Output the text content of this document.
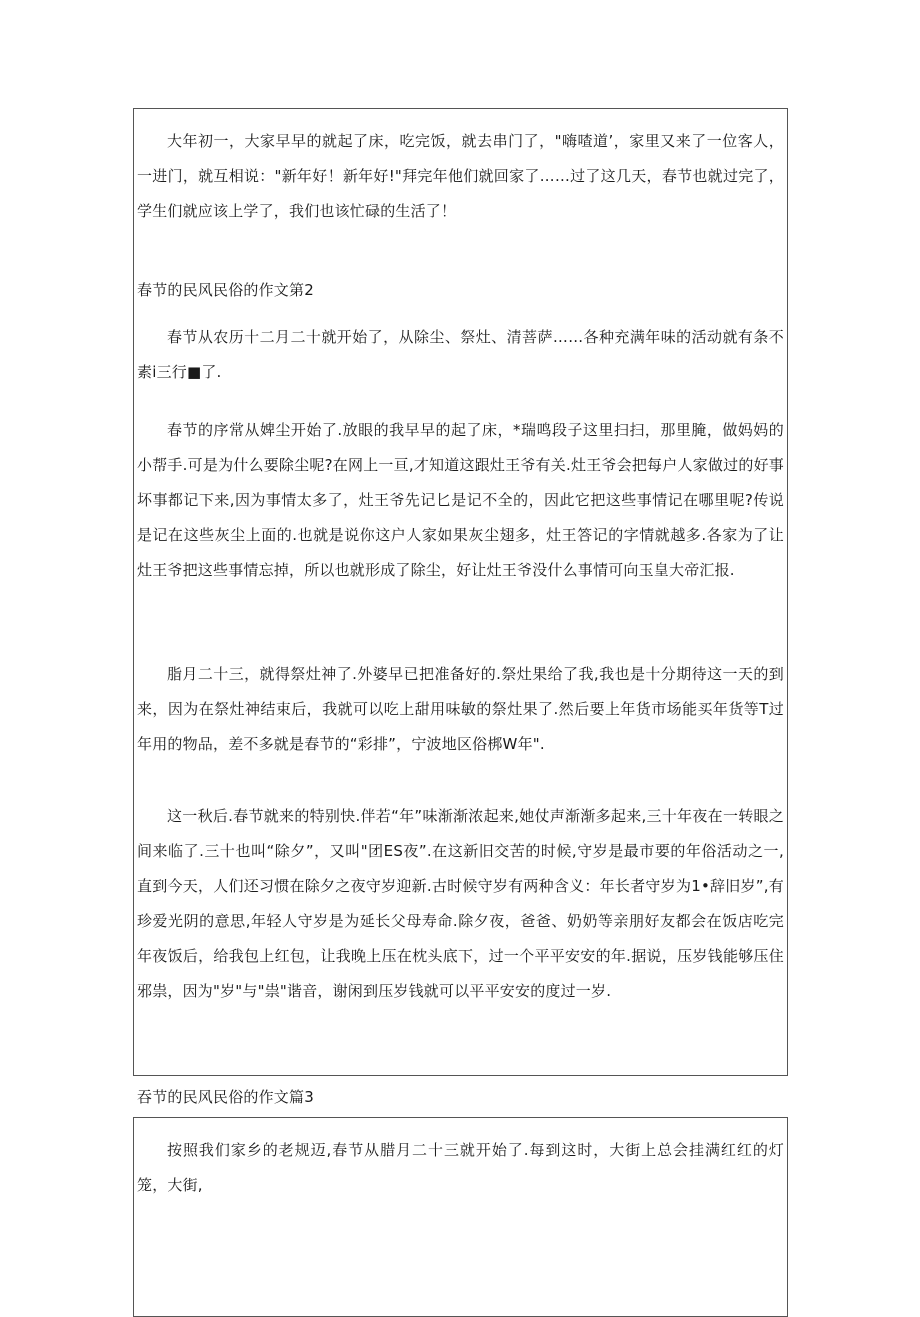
大年初一，大家早早的就起了床，吃完饭，就去串门了，"嗨喳道’，家里又来了一位客人，一进门，就互相说："新年好！新年好!"拜完年他们就回家了……过了这几天，春节也就过完了，学生们就应该上学了，我们也该忙碌的生活了！

春节的民风民俗的作文第2

春节从农历十二月二十就开始了，从除尘、祭灶、清菩萨……各种充满年味的活动就有条不素i三行■了.

春节的序常从婢尘开始了.放眼的我早早的起了床，*瑞鸣段子这里扫扫，那里腌，做妈妈的小帮手.可是为什么要除尘呢?在网上一亘,才知道这跟灶王爷有关.灶王爷会把每户人家做过的好事坏事都记下来,因为事情太多了，灶王爷先记匕是记不全的，因此它把这些事情记在哪里呢?传说是记在这些灰尘上面的.也就是说你这户人家如果灰尘翅多，灶王答记的字情就越多.各家为了让灶王爷把这些事情忘掉，所以也就形成了除尘，好让灶王爷没什么事情可向玉皇大帝汇报.

脂月二十三，就得祭灶神了.外婆早已把准备好的.祭灶果给了我,我也是十分期待这一天的到来，因为在祭灶神结束后，我就可以吃上甜用味敏的祭灶果了.然后要上年货市场能买年货等T过年用的物品，差不多就是春节的“彩排”，宁波地区俗梆W年".

这一秋后.春节就来的特别快.伴若“年”味渐渐浓起来,她仗声渐渐多起来,三十年夜在一转眼之间来临了.三十也叫“除夕”，又叫"团ES夜”.在这新旧交苦的时候,守岁是最市要的年俗活动之一,直到今天，人们还习惯在除夕之夜守岁迎新.古时候守岁有两种含义：年长者守岁为1•辞旧岁”,有珍爱光阴的意思,年轻人守岁是为延长父母寿命.除夕夜，爸爸、奶奶等亲朋好友都会在饭店吃完年夜饭后，给我包上红包，让我晚上压在枕头底下，过一个平平安安的年.据说，压岁钱能够压住邪祟，因为"岁"与"祟"谐音，谢闲到压岁钱就可以平平安安的度过一岁.

吞节的民风民俗的作文篇3

按照我们家乡的老规迈,春节从腊月二十三就开始了.每到这时，大街上总会挂满红红的灯笼，大街,
